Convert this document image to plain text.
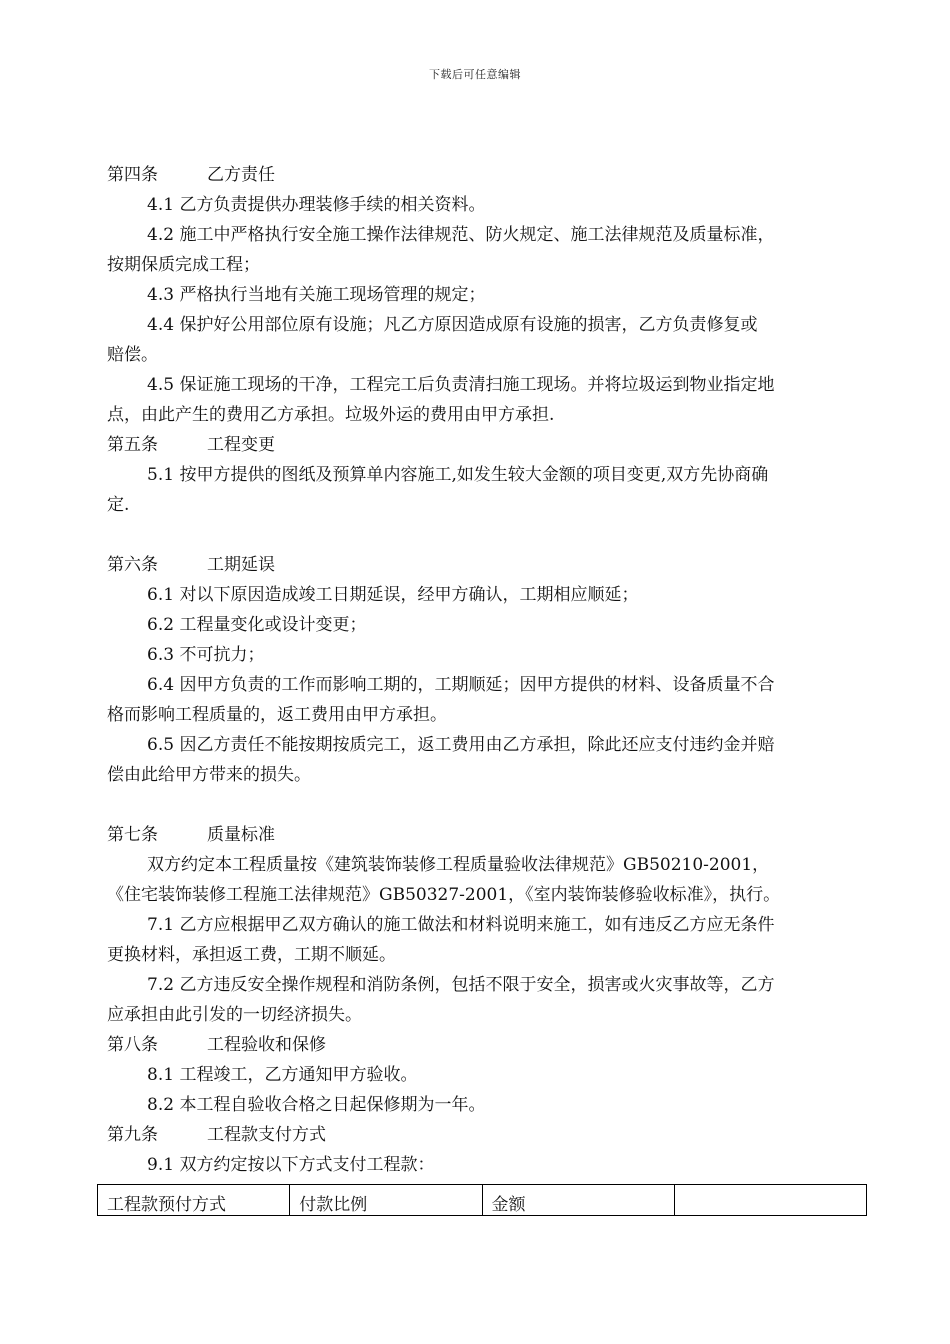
下载后可任意编辑
第四条	乙方责任
4.1 乙方负责提供办理装修手续的相关资料。
4.2 施工中严格执行安全施工操作法律规范、防火规定、施工法律规范及质量标准，
按期保质完成工程；
4.3 严格执行当地有关施工现场管理的规定；
4.4 保护好公用部位原有设施；凡乙方原因造成原有设施的损害，乙方负责修复或
赔偿。
4.5 保证施工现场的干净，工程完工后负责清扫施工现场。并将垃圾运到物业指定地
点，由此产生的费用乙方承担。垃圾外运的费用由甲方承担.
第五条	工程变更
5.1 按甲方提供的图纸及预算单内容施工,如发生较大金额的项目变更,双方先协商确
定.
第六条	工期延误
6.1 对以下原因造成竣工日期延误，经甲方确认，工期相应顺延；
6.2 工程量变化或设计变更；
6.3 不可抗力；
6.4 因甲方负责的工作而影响工期的，工期顺延；因甲方提供的材料、设备质量不合
格而影响工程质量的，返工费用由甲方承担。
6.5 因乙方责任不能按期按质完工，返工费用由乙方承担，除此还应支付违约金并赔
偿由此给甲方带来的损失。
第七条	质量标准
双方约定本工程质量按《建筑装饰装修工程质量验收法律规范》GB50210-2001，
《住宅装饰装修工程施工法律规范》GB50327-2001，《室内装饰装修验收标准》，执行。
7.1 乙方应根据甲乙双方确认的施工做法和材料说明来施工，如有违反乙方应无条件
更换材料，承担返工费，工期不顺延。
7.2 乙方违反安全操作规程和消防条例，包括不限于安全，损害或火灾事故等，乙方
应承担由此引发的一切经济损失。
第八条	工程验收和保修
8.1 工程竣工，乙方通知甲方验收。
8.2 本工程自验收合格之日起保修期为一年。
第九条	工程款支付方式
9.1 双方约定按以下方式支付工程款：
工程款预付方式	付款比例	金额	
